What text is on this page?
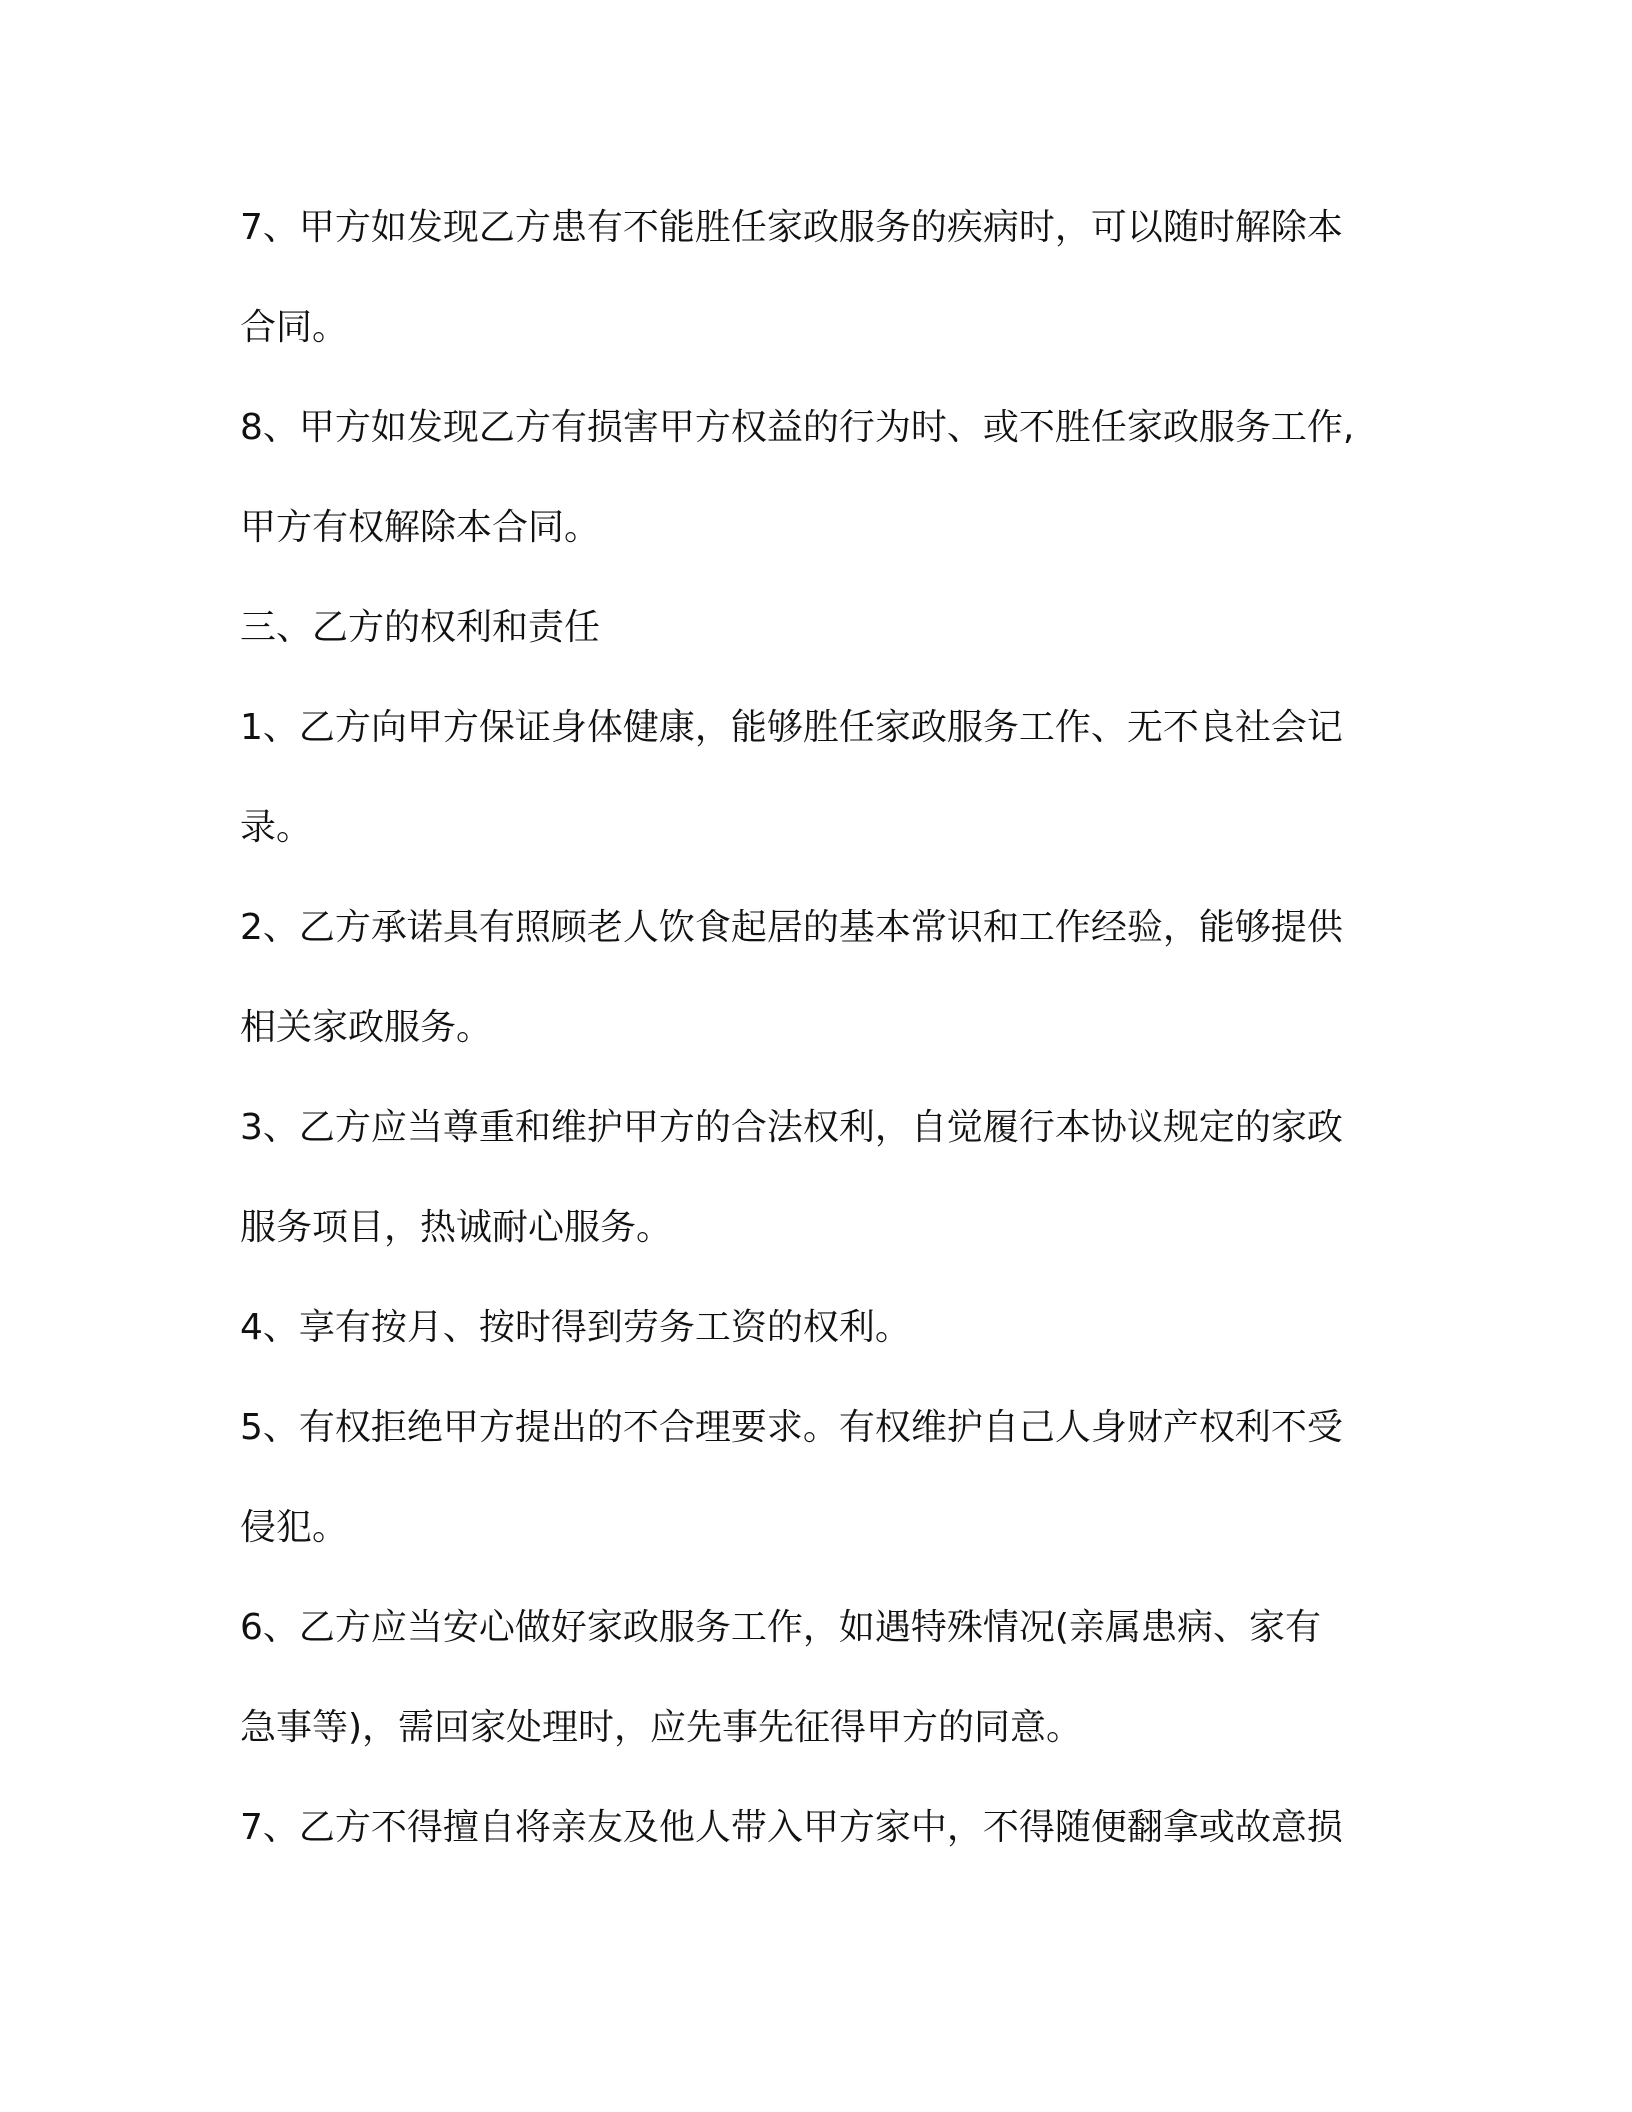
7、甲方如发现乙方患有不能胜任家政服务的疾病时，可以随时解除本
合同。
8、甲方如发现乙方有损害甲方权益的行为时、或不胜任家政服务工作,
甲方有权解除本合同。
三、乙方的权利和责任
1、乙方向甲方保证身体健康，能够胜任家政服务工作、无不良社会记
录。
2、乙方承诺具有照顾老人饮食起居的基本常识和工作经验，能够提供
相关家政服务。
3、乙方应当尊重和维护甲方的合法权利，自觉履行本协议规定的家政
服务项目，热诚耐心服务。
4、享有按月、按时得到劳务工资的权利。
5、有权拒绝甲方提出的不合理要求。有权维护自己人身财产权利不受
侵犯。
6、乙方应当安心做好家政服务工作，如遇特殊情况(亲属患病、家有
急事等)，需回家处理时，应先事先征得甲方的同意。
7、乙方不得擅自将亲友及他人带入甲方家中，不得随便翻拿或故意损
